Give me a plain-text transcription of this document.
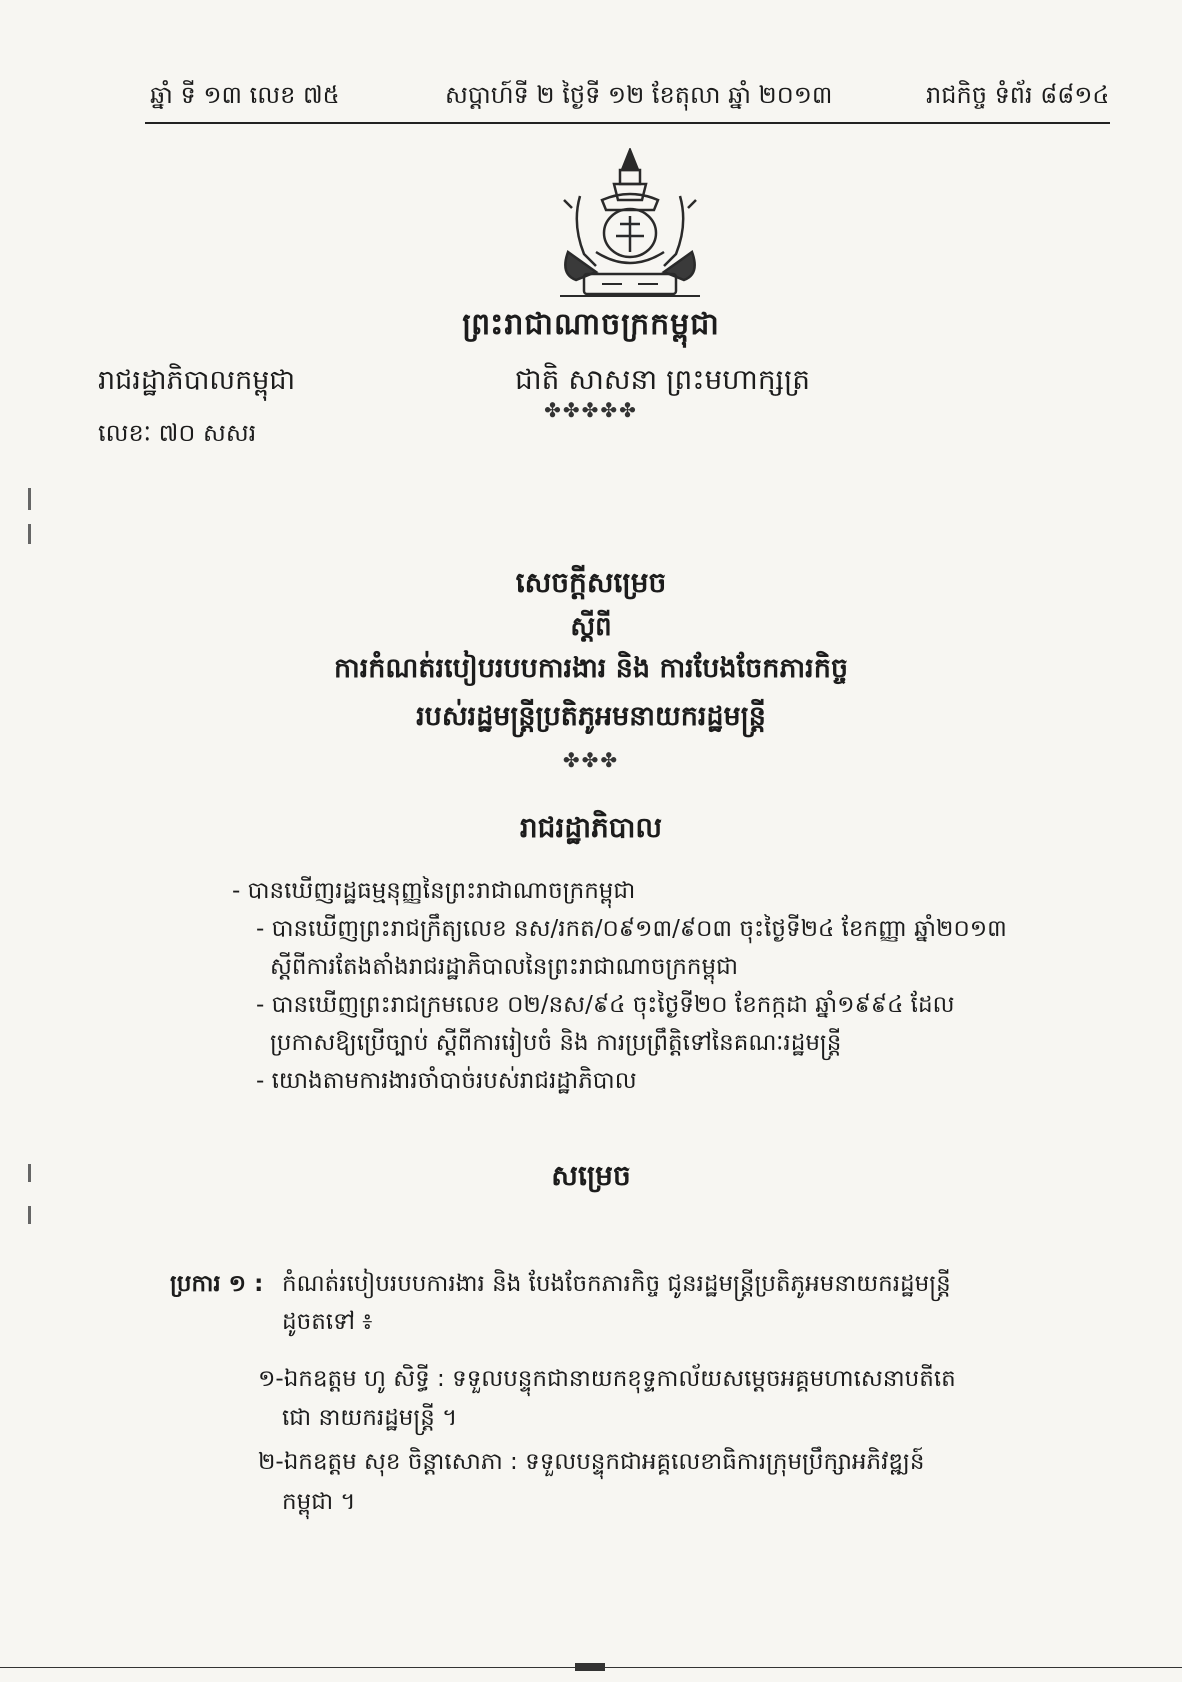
ឆ្នាំ ទី ១៣ លេខ ៧៥	សប្តាហ៍ទី ២ ថ្ងៃទី ១២ ខែតុលា ឆ្នាំ ២០១៣	រាជកិច្ច ទំព័រ ៨៨១៤
ព្រះរាជាណាចក្រកម្ពុជា
រាជរដ្ឋាភិបាលកម្ពុជា	ជាតិ សាសនា ព្រះមហាក្សត្រ
✤✤✤✤✤
លេខៈ ៧០ សសរ
សេចក្តីសម្រេច
ស្តីពី
ការកំណត់របៀបរបបការងារ និង ការបែងចែកភារកិច្ច
របស់រដ្ឋមន្ត្រីប្រតិភូអមនាយករដ្ឋមន្ត្រី
✤✤✤
រាជរដ្ឋាភិបាល
- បានឃើញរដ្ឋធម្មនុញ្ញនៃព្រះរាជាណាចក្រកម្ពុជា
- បានឃើញព្រះរាជក្រឹត្យលេខ នស/រកត/០៩១៣/៩០៣ ចុះថ្ងៃទី២៤ ខែកញ្ញា ឆ្នាំ២០១៣
ស្តីពីការតែងតាំងរាជរដ្ឋាភិបាលនៃព្រះរាជាណាចក្រកម្ពុជា
- បានឃើញព្រះរាជក្រមលេខ ០២/នស/៩៤ ចុះថ្ងៃទី២០ ខែកក្កដា ឆ្នាំ១៩៩៤ ដែល
ប្រកាសឱ្យប្រើច្បាប់ ស្តីពីការរៀបចំ និង ការប្រព្រឹត្តិទៅនៃគណៈរដ្ឋមន្ត្រី
- យោងតាមការងារចាំបាច់របស់រាជរដ្ឋាភិបាល
សម្រេច
ប្រការ ១ : កំណត់របៀបរបបការងារ និង បែងចែកភារកិច្ច ជូនរដ្ឋមន្ត្រីប្រតិភូអមនាយករដ្ឋមន្ត្រី
ដូចតទៅ ៖
១-ឯកឧត្តម ហូ សិទ្ធី : ទទួលបន្ទុកជានាយកខុទ្ទកាល័យសម្តេចអគ្គមហាសេនាបតីតេ
ជោ នាយករដ្ឋមន្ត្រី ។
២-ឯកឧត្តម សុខ ចិន្តាសោភា : ទទួលបន្ទុកជាអគ្គលេខាធិការក្រុមប្រឹក្សាអភិវឌ្ឍន៍
កម្ពុជា ។
